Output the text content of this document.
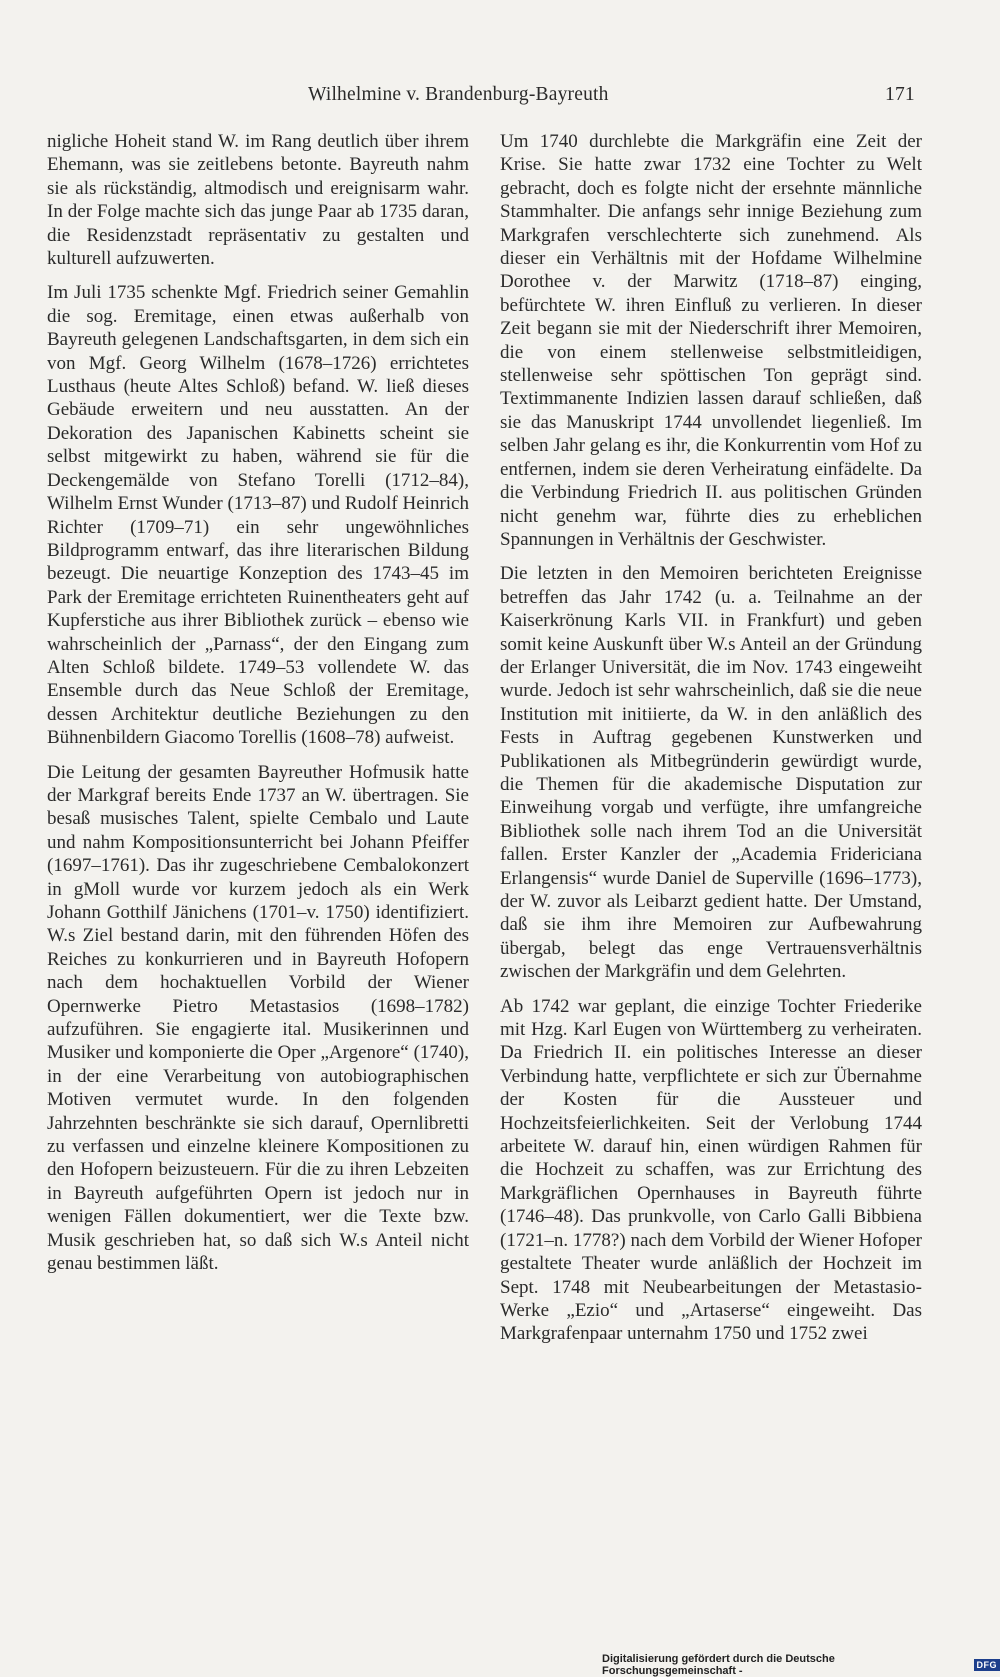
Wilhelmine v. Brandenburg-Bayreuth	171

nigliche Hoheit stand W. im Rang deutlich über ihrem Ehemann, was sie zeitlebens betonte. Bayreuth nahm sie als rückständig, altmodisch und ereignisarm wahr. In der Folge machte sich das junge Paar ab 1735 daran, die Residenzstadt repräsentativ zu gestalten und kulturell aufzuwerten.

Im Juli 1735 schenkte Mgf. Friedrich seiner Gemahlin die sog. Eremitage, einen etwas außerhalb von Bayreuth gelegenen Landschaftsgarten, in dem sich ein von Mgf. Georg Wilhelm (1678–1726) errichtetes Lusthaus (heute Altes Schloß) befand. W. ließ dieses Gebäude erweitern und neu ausstatten. An der Dekoration des Japanischen Kabinetts scheint sie selbst mitgewirkt zu haben, während sie für die Deckengemälde von Stefano Torelli (1712–84), Wilhelm Ernst Wunder (1713–87) und Rudolf Heinrich Richter (1709–71) ein sehr ungewöhnliches Bildprogramm entwarf, das ihre literarischen Bildung bezeugt. Die neuartige Konzeption des 1743–45 im Park der Eremitage errichteten Ruinentheaters geht auf Kupferstiche aus ihrer Bibliothek zurück – ebenso wie wahrscheinlich der „Parnass“, der den Eingang zum Alten Schloß bildete. 1749–53 vollendete W. das Ensemble durch das Neue Schloß der Eremitage, dessen Architektur deutliche Beziehungen zu den Bühnenbildern Giacomo Torellis (1608–78) aufweist.

Die Leitung der gesamten Bayreuther Hofmusik hatte der Markgraf bereits Ende 1737 an W. übertragen. Sie besaß musisches Talent, spielte Cembalo und Laute und nahm Kompositionsunterricht bei Johann Pfeiffer (1697–1761). Das ihr zugeschriebene Cembalokonzert in gMoll wurde vor kurzem jedoch als ein Werk Johann Gotthilf Jänichens (1701–v. 1750) identifiziert. W.s Ziel bestand darin, mit den führenden Höfen des Reiches zu konkurrieren und in Bayreuth Hofopern nach dem hochaktuellen Vorbild der Wiener Opernwerke Pietro Metastasios (1698–1782) aufzuführen. Sie engagierte ital. Musikerinnen und Musiker und komponierte die Oper „Argenore“ (1740), in der eine Verarbeitung von autobiographischen Motiven vermutet wurde. In den folgenden Jahrzehnten beschränkte sie sich darauf, Opernlibretti zu verfassen und einzelne kleinere Kompositionen zu den Hofopern beizusteuern. Für die zu ihren Lebzeiten in Bayreuth aufgeführten Opern ist jedoch nur in wenigen Fällen dokumentiert, wer die Texte bzw. Musik geschrieben hat, so daß sich W.s Anteil nicht genau bestimmen läßt.

Um 1740 durchlebte die Markgräfin eine Zeit der Krise. Sie hatte zwar 1732 eine Tochter zu Welt gebracht, doch es folgte nicht der ersehnte männliche Stammhalter. Die anfangs sehr innige Beziehung zum Markgrafen verschlechterte sich zunehmend. Als dieser ein Verhältnis mit der Hofdame Wilhelmine Dorothee v. der Marwitz (1718–87) einging, befürchtete W. ihren Einfluß zu verlieren. In dieser Zeit begann sie mit der Niederschrift ihrer Memoiren, die von einem stellenweise selbstmitleidigen, stellenweise sehr spöttischen Ton geprägt sind. Textimmanente Indizien lassen darauf schließen, daß sie das Manuskript 1744 unvollendet liegenließ. Im selben Jahr gelang es ihr, die Konkurrentin vom Hof zu entfernen, indem sie deren Verheiratung einfädelte. Da die Verbindung Friedrich II. aus politischen Gründen nicht genehm war, führte dies zu erheblichen Spannungen in Verhältnis der Geschwister.

Die letzten in den Memoiren berichteten Ereignisse betreffen das Jahr 1742 (u. a. Teilnahme an der Kaiserkrönung Karls VII. in Frankfurt) und geben somit keine Auskunft über W.s Anteil an der Gründung der Erlanger Universität, die im Nov. 1743 eingeweiht wurde. Jedoch ist sehr wahrscheinlich, daß sie die neue Institution mit initiierte, da W. in den anläßlich des Fests in Auftrag gegebenen Kunstwerken und Publikationen als Mitbegründerin gewürdigt wurde, die Themen für die akademische Disputation zur Einweihung vorgab und verfügte, ihre umfangreiche Bibliothek solle nach ihrem Tod an die Universität fallen. Erster Kanzler der „Academia Fridericiana Erlangensis“ wurde Daniel de Superville (1696–1773), der W. zuvor als Leibarzt gedient hatte. Der Umstand, daß sie ihm ihre Memoiren zur Aufbewahrung übergab, belegt das enge Vertrauensverhältnis zwischen der Markgräfin und dem Gelehrten.

Ab 1742 war geplant, die einzige Tochter Friederike mit Hzg. Karl Eugen von Württemberg zu verheiraten. Da Friedrich II. ein politisches Interesse an dieser Verbindung hatte, verpflichtete er sich zur Übernahme der Kosten für die Aussteuer und Hochzeitsfeierlichkeiten. Seit der Verlobung 1744 arbeitete W. darauf hin, einen würdigen Rahmen für die Hochzeit zu schaffen, was zur Errichtung des Markgräflichen Opernhauses in Bayreuth führte (1746–48). Das prunkvolle, von Carlo Galli Bibbiena (1721–n. 1778?) nach dem Vorbild der Wiener Hofoper gestaltete Theater wurde anläßlich der Hochzeit im Sept. 1748 mit Neubearbeitungen der Metastasio-Werke „Ezio“ und „Artaserse“ eingeweiht. Das Markgrafenpaar unternahm 1750 und 1752 zwei

Digitalisierung gefördert durch die Deutsche Forschungsgemeinschaft -	DFG
